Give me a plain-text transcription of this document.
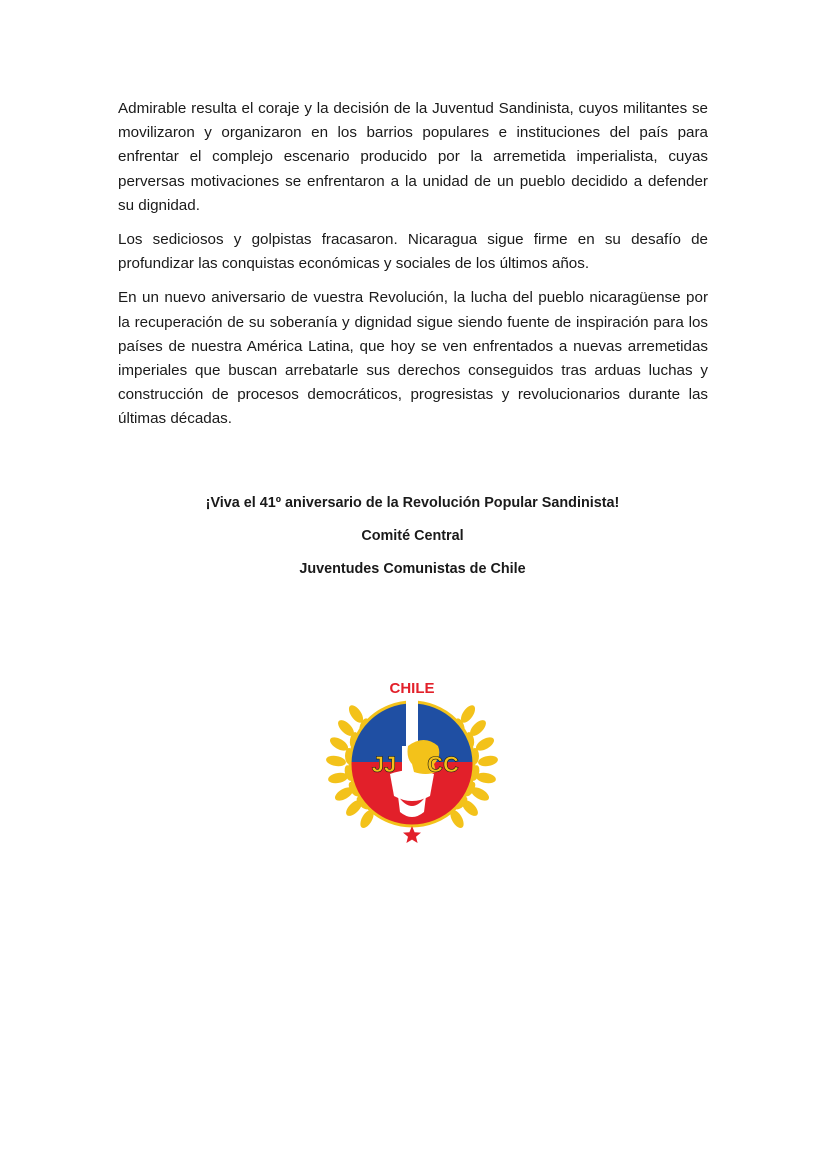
Admirable resulta el coraje y la decisión de la Juventud Sandinista, cuyos militantes se movilizaron y organizaron en los barrios populares e instituciones del país para enfrentar el complejo escenario producido por la arremetida imperialista, cuyas perversas motivaciones se enfrentaron a la unidad de un pueblo decidido a defender su dignidad.

Los sediciosos y golpistas fracasaron. Nicaragua sigue firme en su desafío de profundizar las conquistas económicas y sociales de los últimos años.

En un nuevo aniversario de vuestra Revolución, la lucha del pueblo nicaragüense por la recuperación de su soberanía y dignidad sigue siendo fuente de inspiración para los países de nuestra América Latina, que hoy se ven enfrentados a nuevas arremetidas imperiales que buscan arrebatarle sus derechos conseguidos tras arduas luchas y construcción de procesos democráticos, progresistas y revolucionarios durante las últimas décadas.

¡Viva el 41º aniversario de la Revolución Popular Sandinista!

Comité Central

Juventudes Comunistas de Chile

CHILE
JJ CC
